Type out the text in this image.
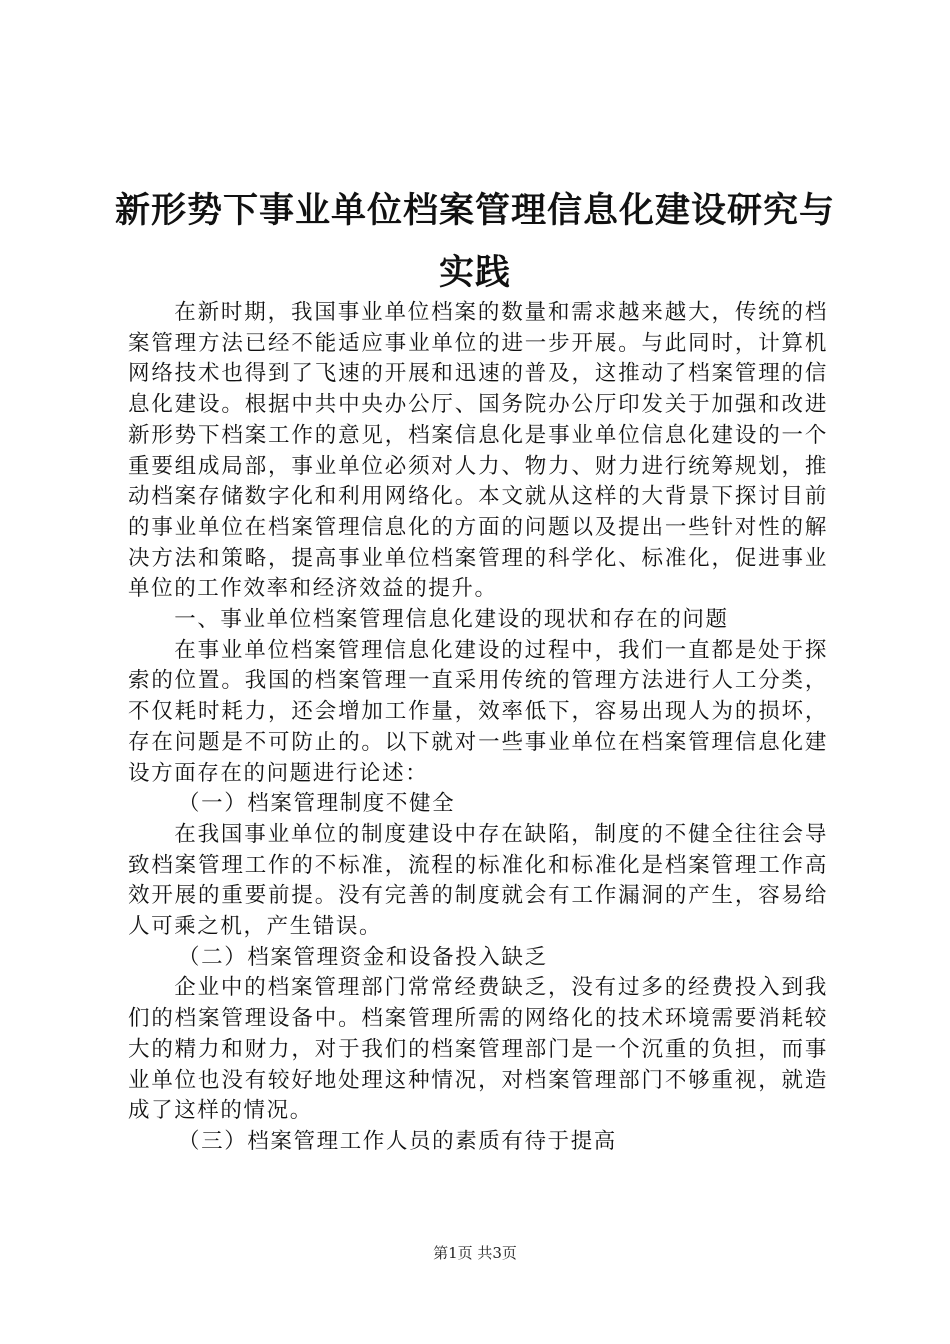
新形势下事业单位档案管理信息化建设研究与实践

在新时期，我国事业单位档案的数量和需求越来越大，传统的档案管理方法已经不能适应事业单位的进一步开展。与此同时，计算机网络技术也得到了飞速的开展和迅速的普及，这推动了档案管理的信息化建设。根据中共中央办公厅、国务院办公厅印发关于加强和改进新形势下档案工作的意见，档案信息化是事业单位信息化建设的一个重要组成局部，事业单位必须对人力、物力、财力进行统筹规划，推动档案存储数字化和利用网络化。本文就从这样的大背景下探讨目前的事业单位在档案管理信息化的方面的问题以及提出一些针对性的解决方法和策略，提高事业单位档案管理的科学化、标准化，促进事业单位的工作效率和经济效益的提升。

一、事业单位档案管理信息化建设的现状和存在的问题

在事业单位档案管理信息化建设的过程中，我们一直都是处于探索的位置。我国的档案管理一直采用传统的管理方法进行人工分类，不仅耗时耗力，还会增加工作量，效率低下，容易出现人为的损坏，存在问题是不可防止的。以下就对一些事业单位在档案管理信息化建设方面存在的问题进行论述：

（一）档案管理制度不健全

在我国事业单位的制度建设中存在缺陷，制度的不健全往往会导致档案管理工作的不标准，流程的标准化和标准化是档案管理工作高效开展的重要前提。没有完善的制度就会有工作漏洞的产生，容易给人可乘之机，产生错误。

（二）档案管理资金和设备投入缺乏

企业中的档案管理部门常常经费缺乏，没有过多的经费投入到我们的档案管理设备中。档案管理所需的网络化的技术环境需要消耗较大的精力和财力，对于我们的档案管理部门是一个沉重的负担，而事业单位也没有较好地处理这种情况，对档案管理部门不够重视，就造成了这样的情况。

（三）档案管理工作人员的素质有待于提高

第1页 共3页
